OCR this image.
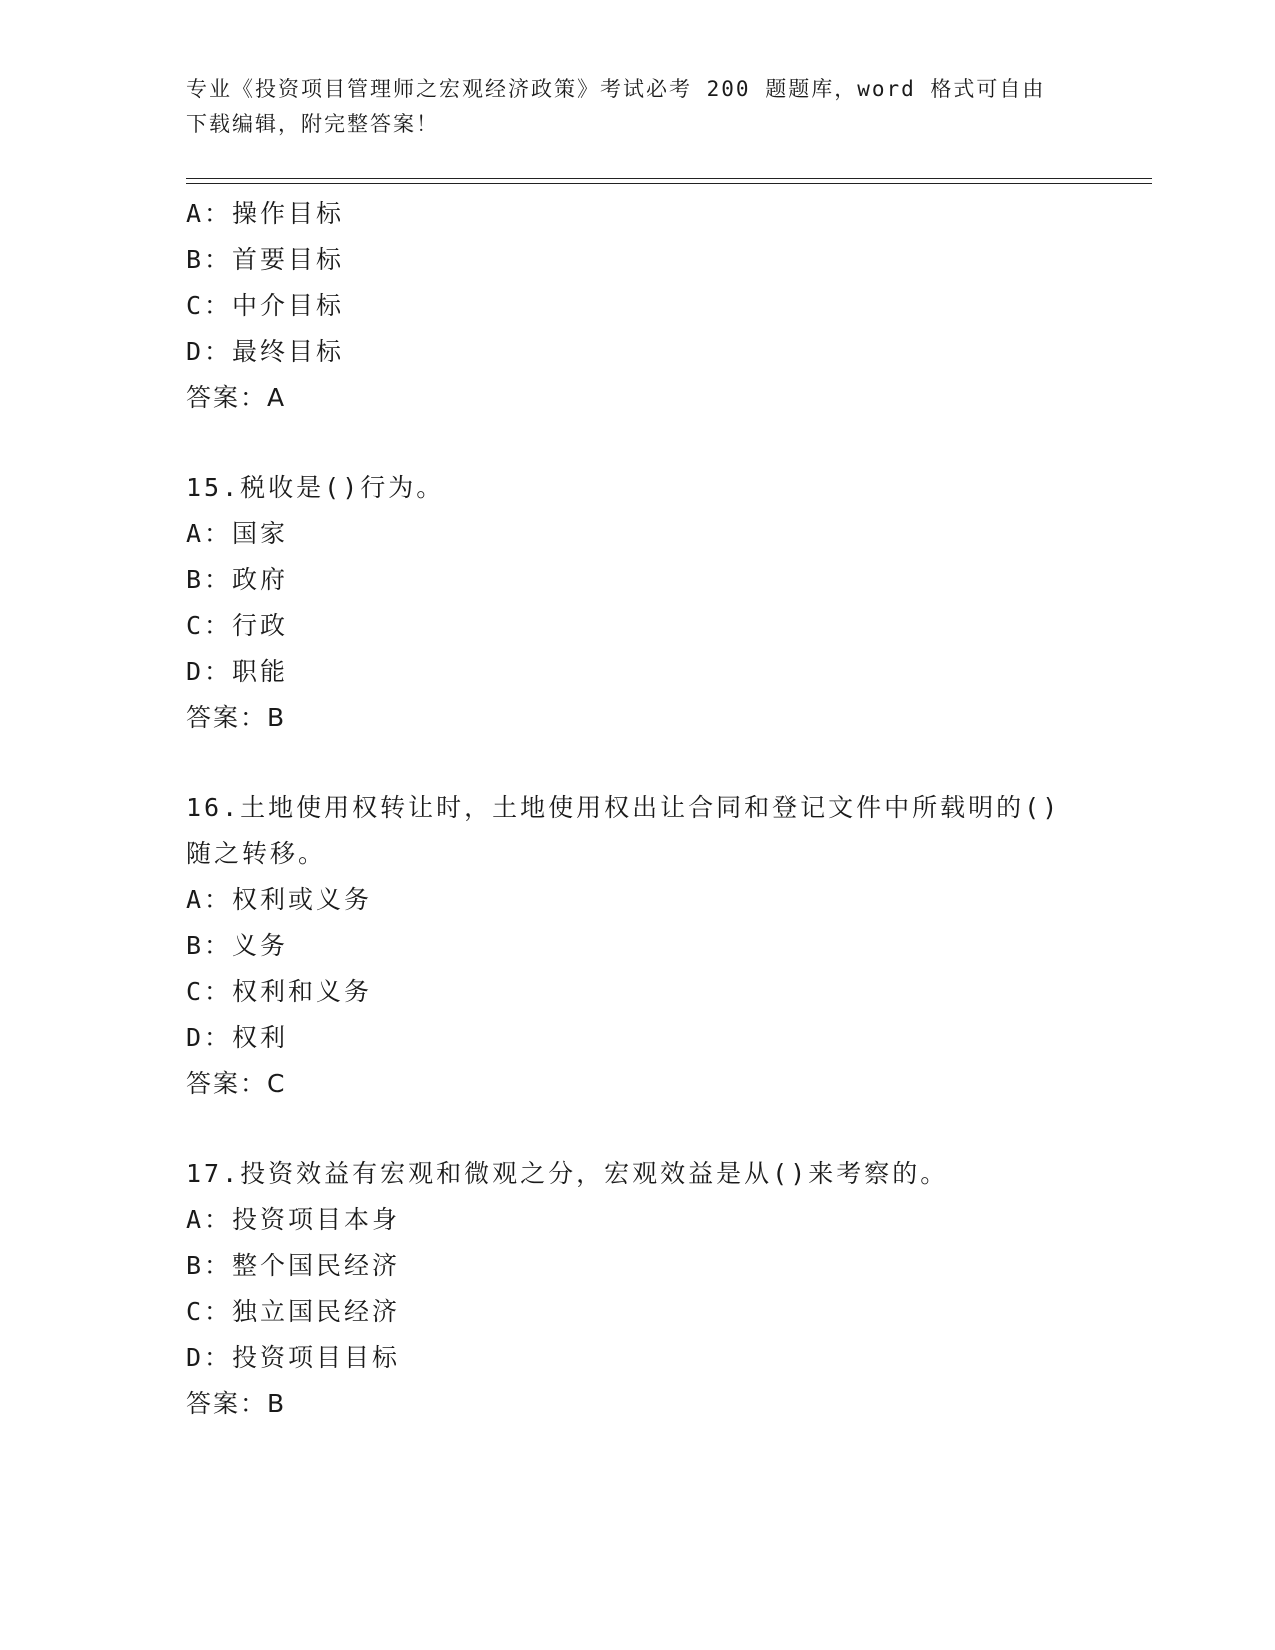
专业《投资项目管理师之宏观经济政策》考试必考 200 题题库，word 格式可自由
下载编辑，附完整答案！
A：操作目标
B：首要目标
C：中介目标
D：最终目标
答案：A
15.税收是()行为。
A：国家
B：政府
C：行政
D：职能
答案：B
16.土地使用权转让时，土地使用权出让合同和登记文件中所载明的()
随之转移。
A：权利或义务
B：义务
C：权利和义务
D：权利
答案：C
17.投资效益有宏观和微观之分，宏观效益是从()来考察的。
A：投资项目本身
B：整个国民经济
C：独立国民经济
D：投资项目目标
答案：B
